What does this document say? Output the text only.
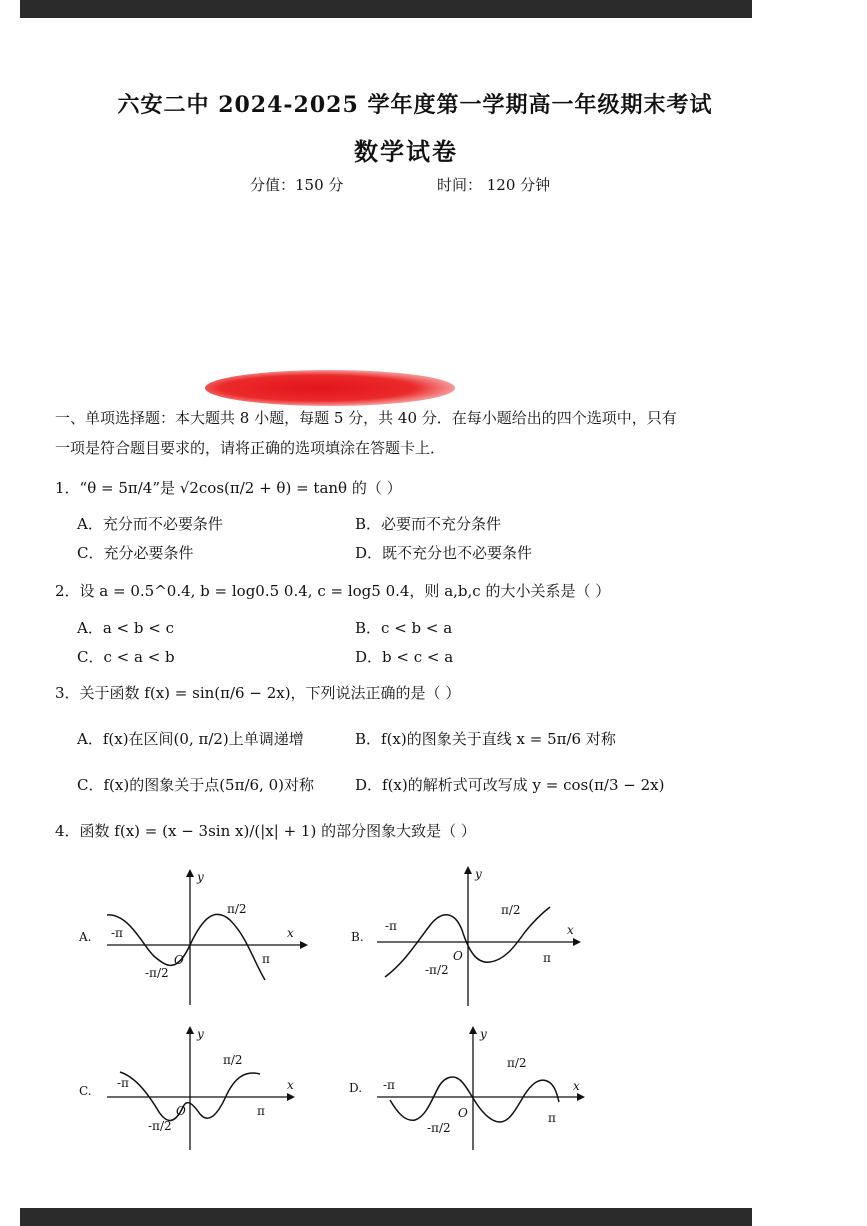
六安二中 2024-2025 学年度第一学期高一年级期末考试
数学试卷
分值：150 分	时间： 120 分钟
一、单项选择题：本大题共 8 小题，每题 5 分，共 40 分．在每小题给出的四个选项中，只有
一项是符合题目要求的，请将正确的选项填涂在答题卡上．
1．“θ = 5π/4”是 √2cos(π/2 + θ) = tanθ 的（ ）
A．充分而不必要条件	B．必要而不充分条件
C．充分必要条件	D．既不充分也不必要条件
2．设 a = 0.5^0.4, b = log0.5 0.4, c = log5 0.4，则 a,b,c 的大小关系是（ ）
A．a < b < c	B．c < b < a
C．c < a < b	D．b < c < a
3．关于函数 f(x) = sin(π/6 − 2x)，下列说法正确的是（ ）
A．f(x)在区间(0, π/2)上单调递增	B．f(x)的图象关于直线 x = 5π/6 对称
C．f(x)的图象关于点(5π/6, 0)对称	D．f(x)的解析式可改写成 y = cos(π/3 − 2x)
4．函数 f(x) = (x − 3sin x)/(|x| + 1) 的部分图象大致是（ ）
A.
y
x
O
-π
π
π/2
-π/2
B.
y
x
O
-π
π
π/2
-π/2
C.
y
x
O
-π
π
π/2
-π/2
D.
y
x
O
-π
π
π/2
-π/2
